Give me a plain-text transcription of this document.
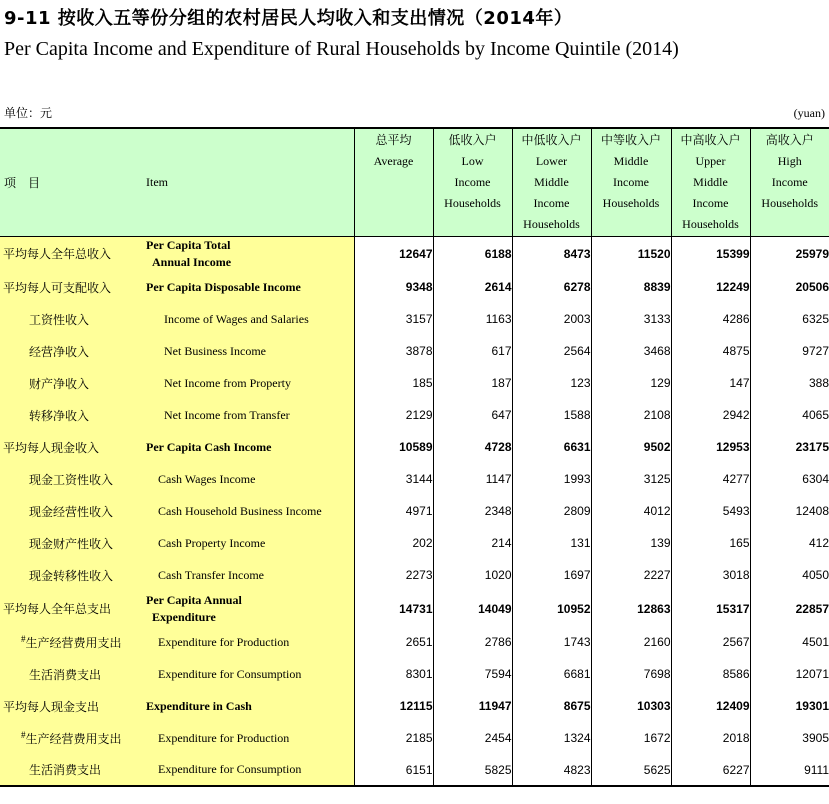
9-11 按收入五等份分组的农村居民人均收入和支出情况（2014年）
Per Capita Income and Expenditure of Rural Households by Income Quintile (2014)
单位：元	(yuan)
项　目 Item	总平均
Average	低收入户
Low
Income
Households	中低收入户
Lower
Middle
Income
Households	中等收入户
Middle
Income
Households	中高收入户
Upper
Middle
Income
Households	高收入户
High
Income
Households

平均每人全年总收入
Per Capita Total
Annual Income	12647	6188	8473	11520	15399	25979

平均每人可支配收入 Per Capita Disposable Income	9348	2614	6278	8839	12249	20506

工资性收入 Income of Wages and Salaries	3157	1163	2003	3133	4286	6325

经营净收入 Net Business Income	3878	617	2564	3468	4875	9727

财产净收入 Net Income from Property	185	187	123	129	147	388

转移净收入 Net Income from Transfer	2129	647	1588	2108	2942	4065

平均每人现金收入 Per Capita Cash Income	10589	4728	6631	9502	12953	23175

现金工资性收入 Cash Wages Income	3144	1147	1993	3125	4277	6304

现金经营性收入 Cash Household Business Income	4971	2348	2809	4012	5493	12408

现金财产性收入 Cash Property Income	202	214	131	139	165	412

现金转移性收入 Cash Transfer Income	2273	1020	1697	2227	3018	4050

平均每人全年总支出
Per Capita Annual
Expenditure	14731	14049	10952	12863	15317	22857

#生产经营费用支出 Expenditure for Production	2651	2786	1743	2160	2567	4501

生活消费支出 Expenditure for Consumption	8301	7594	6681	7698	8586	12071

平均每人现金支出 Expenditure in Cash	12115	11947	8675	10303	12409	19301

#生产经营费用支出 Expenditure for Production	2185	2454	1324	1672	2018	3905

生活消费支出 Expenditure for Consumption	6151	5825	4823	5625	6227	9111
